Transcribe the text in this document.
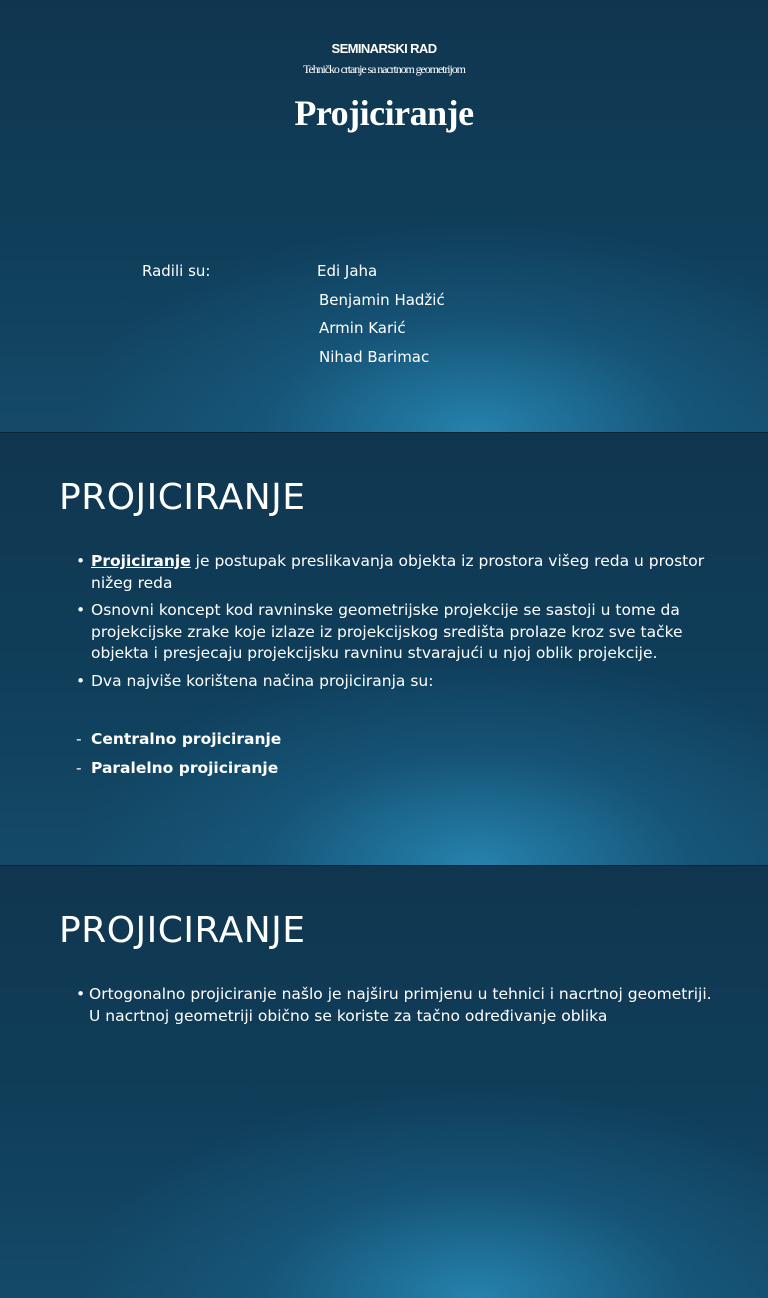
SEMINARSKI RAD
Tehničko crtanje sa nacrtnom geometrijom
Projiciranje
Radili su:	Edi Jaha
Benjamin Hadžić
Armin Karić
Nihad Barimac
PROJICIRANJE
• Projiciranje je postupak preslikavanja objekta iz prostora višeg reda u prostor nižeg reda
• Osnovni koncept kod ravninske geometrijske projekcije se sastoji u tome da projekcijske zrake koje izlaze iz projekcijskog središta prolaze kroz sve tačke objekta i presjecaju projekcijsku ravninu stvarajući u njoj oblik projekcije.
• Dva najviše korištena načina projiciranja su:
- Centralno projiciranje
- Paralelno projiciranje
PROJICIRANJE
• Ortogonalno projiciranje našlo je najširu primjenu u tehnici i nacrtnoj geometriji. U nacrtnoj geometriji obično se koriste za tačno određivanje oblika
